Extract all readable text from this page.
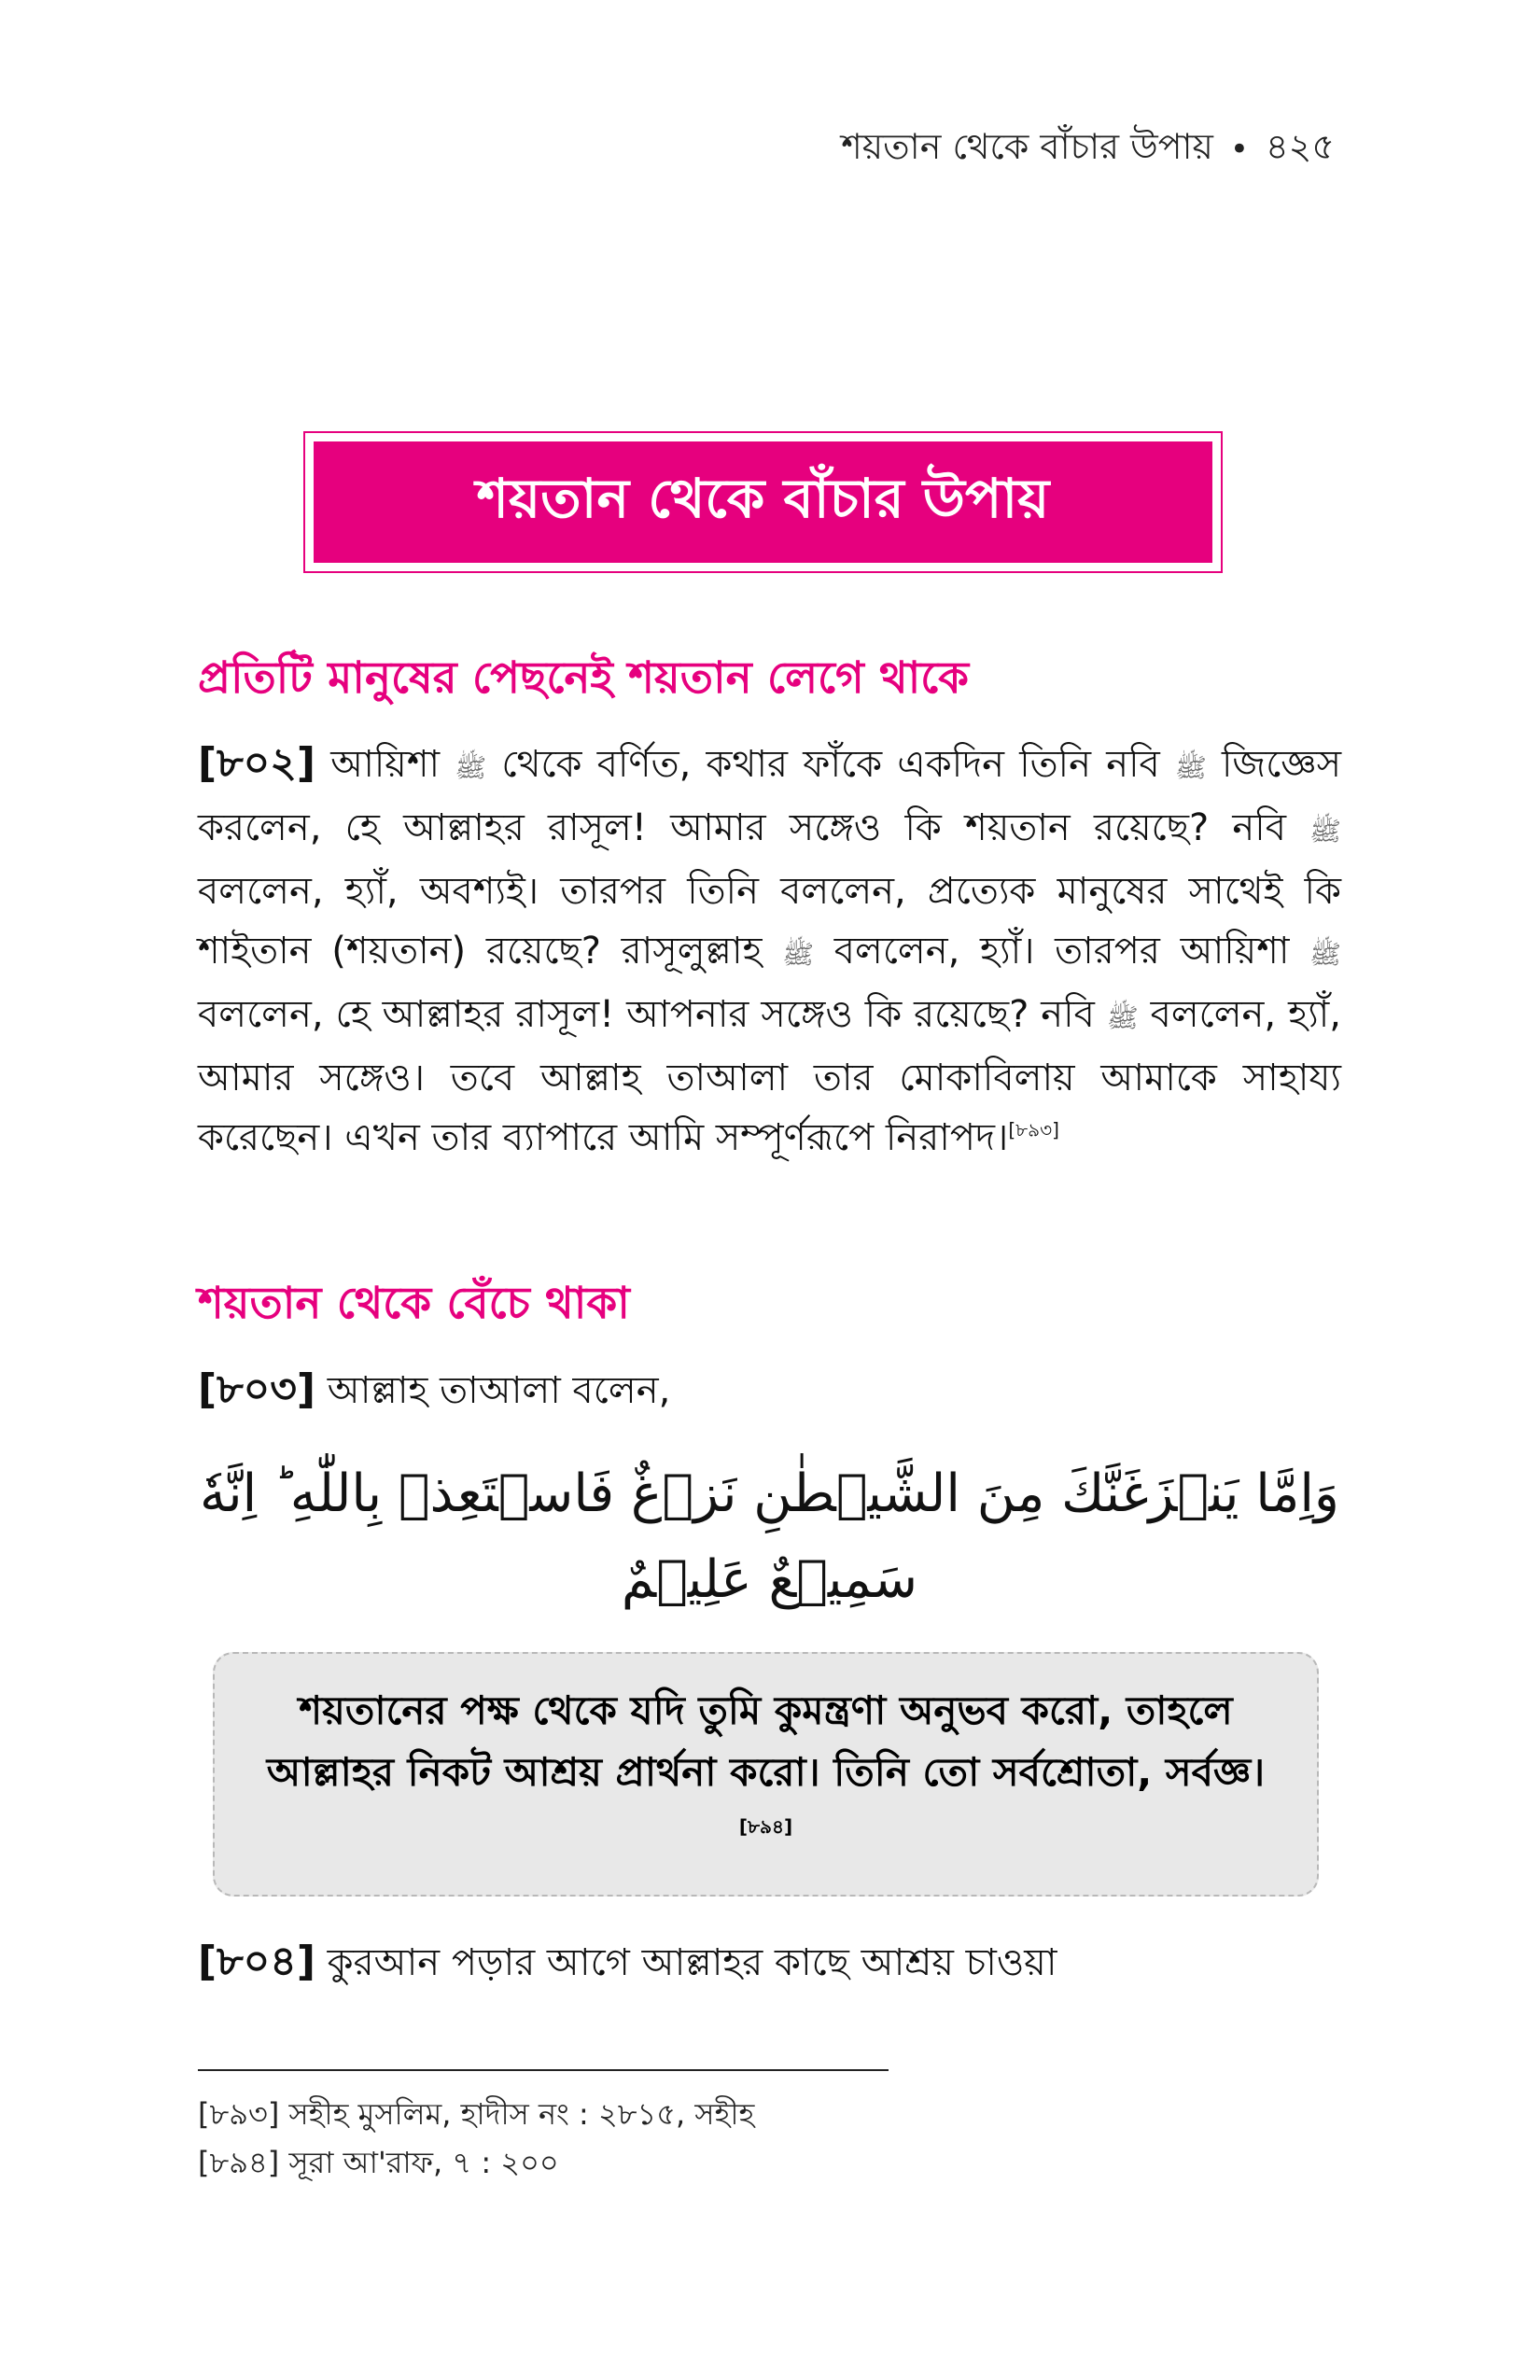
শয়তান থেকে বাঁচার উপায় • ৪২৫
শয়তান থেকে বাঁচার উপায়
প্রতিটি মানুষের পেছনেই শয়তান লেগে থাকে
[৮০২] আয়িশা ﷺ থেকে বর্ণিত, কথার ফাঁকে একদিন তিনি নবি ﷺ জিজ্ঞেস করলেন, হে আল্লাহর রাসূল! আমার সঙ্গেও কি শয়তান রয়েছে? নবি ﷺ বললেন, হ্যাঁ, অবশ্যই। তারপর তিনি বললেন, প্রত্যেক মানুষের সাথেই কি শাইতান (শয়তান) রয়েছে? রাসূলুল্লাহ ﷺ বললেন, হ্যাঁ। তারপর আয়িশা ﷺ বললেন, হে আল্লাহর রাসূল! আপনার সঙ্গেও কি রয়েছে? নবি ﷺ বললেন, হ্যাঁ, আমার সঙ্গেও। তবে আল্লাহ তাআলা তার মোকাবিলায় আমাকে সাহায্য করেছেন। এখন তার ব্যাপারে আমি সম্পূর্ণরূপে নিরাপদ।[৮৯৩]
শয়তান থেকে বেঁচে থাকা
[৮০৩] আল্লাহ তাআলা বলেন,
وَاِمَّا يَنۡزَغَنَّكَ مِنَ الشَّيۡطٰنِ نَزۡغٌ فَاسۡتَعِذۡ بِاللّٰهِ ؕ اِنَّهٗ
سَمِيۡعٌ عَلِيۡمٌ
শয়তানের পক্ষ থেকে যদি তুমি কুমন্ত্রণা অনুভব করো, তাহলে আল্লাহর নিকট আশ্রয় প্রার্থনা করো। তিনি তো সর্বশ্রোতা, সর্বজ্ঞ।[৮৯৪]
[৮০৪] কুরআন পড়ার আগে আল্লাহর কাছে আশ্রয় চাওয়া
[৮৯৩] সহীহ মুসলিম, হাদীস নং : ২৮১৫, সহীহ
[৮৯৪] সূরা আ'রাফ, ৭ : ২০০
